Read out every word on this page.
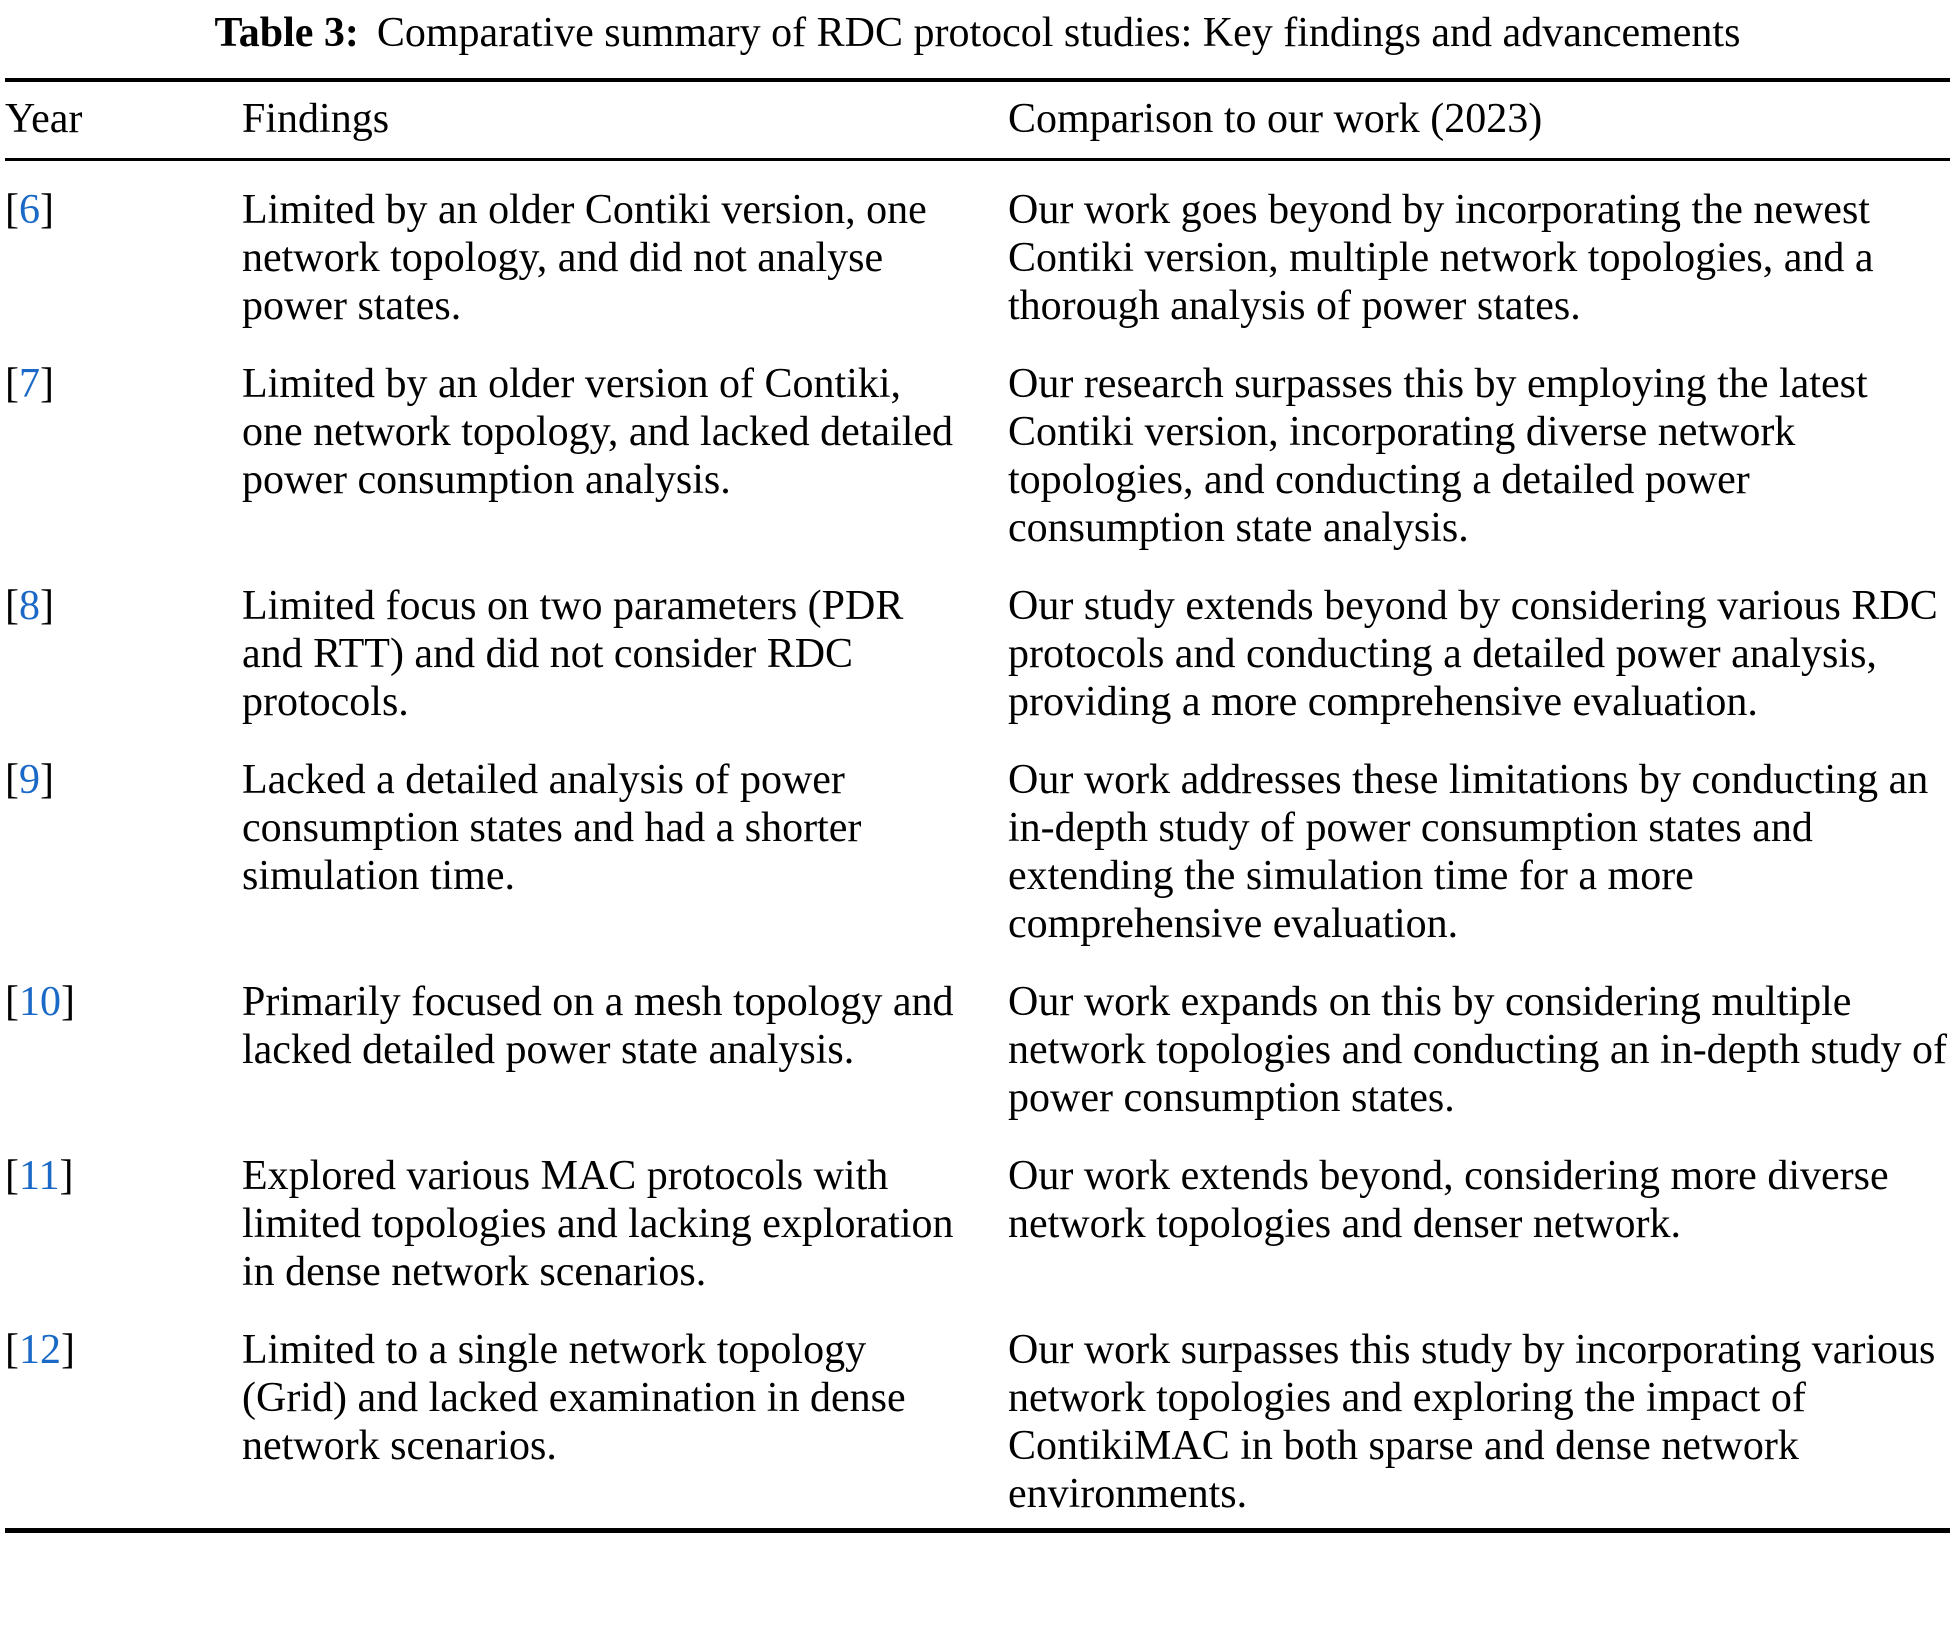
Table 3: Comparative summary of RDC protocol studies: Key findings and advancements
Year	Findings	Comparison to our work (2023)
[6]	Limited by an older Contiki version, one network topology, and did not analyse power states.	Our work goes beyond by incorporating the newest Contiki version, multiple network topologies, and a thorough analysis of power states.
[7]	Limited by an older version of Contiki, one network topology, and lacked detailed power consumption analysis.	Our research surpasses this by employing the latest Contiki version, incorporating diverse network topologies, and conducting a detailed power consumption state analysis.
[8]	Limited focus on two parameters (PDR and RTT) and did not consider RDC protocols.	Our study extends beyond by considering various RDC protocols and conducting a detailed power analysis, providing a more comprehensive evaluation.
[9]	Lacked a detailed analysis of power consumption states and had a shorter simulation time.	Our work addresses these limitations by conducting an in-depth study of power consumption states and extending the simulation time for a more comprehensive evaluation.
[10]	Primarily focused on a mesh topology and lacked detailed power state analysis.	Our work expands on this by considering multiple network topologies and conducting an in-depth study of power consumption states.
[11]	Explored various MAC protocols with limited topologies and lacking exploration in dense network scenarios.	Our work extends beyond, considering more diverse network topologies and denser network.
[12]	Limited to a single network topology (Grid) and lacked examination in dense network scenarios.	Our work surpasses this study by incorporating various network topologies and exploring the impact of ContikiMAC in both sparse and dense network environments.
